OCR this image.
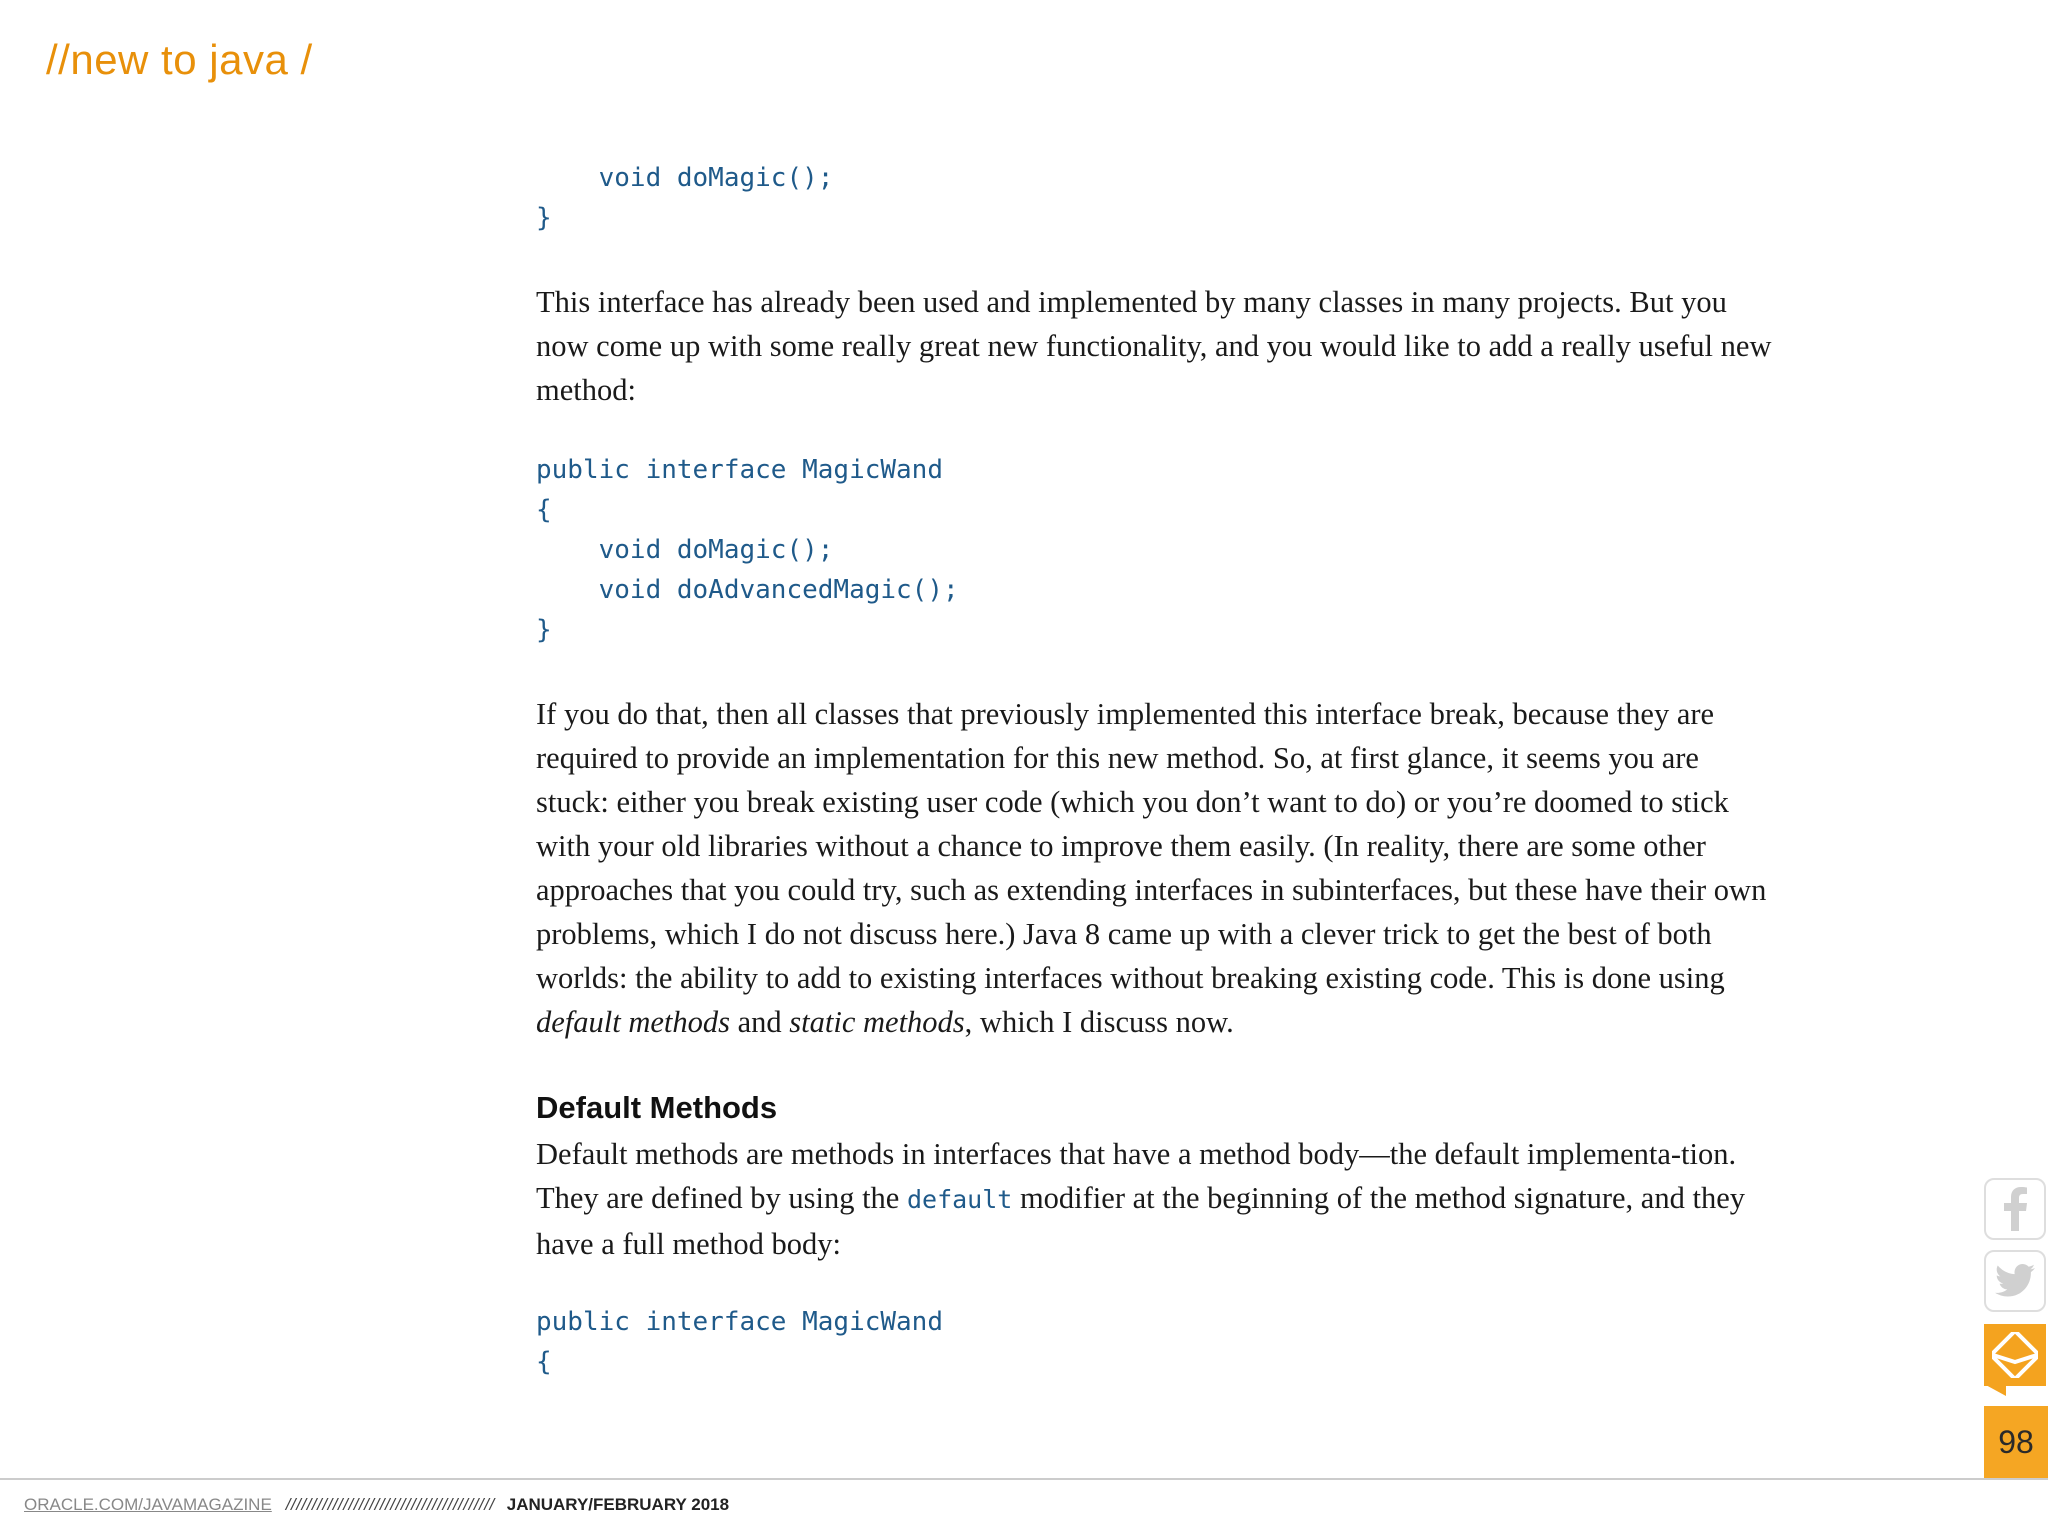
//new to java /
void doMagic();
}

This interface has already been used and implemented by many classes in many projects. But you now come up with some really great new functionality, and you would like to add a really useful new method:

public interface MagicWand
{
void doMagic();
void doAdvancedMagic();
}

If you do that, then all classes that previously implemented this interface break, because they are required to provide an implementation for this new method. So, at first glance, it seems you are stuck: either you break existing user code (which you don’t want to do) or you’re doomed to stick with your old libraries without a chance to improve them easily. (In reality, there are some other approaches that you could try, such as extending interfaces in subinterfaces, but these have their own problems, which I do not discuss here.) Java 8 came up with a clever trick to get the best of both worlds: the ability to add to existing interfaces without breaking existing code. This is done using default methods and static methods, which I discuss now.

Default Methods

Default methods are methods in interfaces that have a method body—the default implementa-tion. They are defined by using the default modifier at the beginning of the method signature, and they have a full method body:

public interface MagicWand
{
98
ORACLE.COM/JAVAMAGAZINE //////////////////////////////////////// JANUARY/FEBRUARY 2018
